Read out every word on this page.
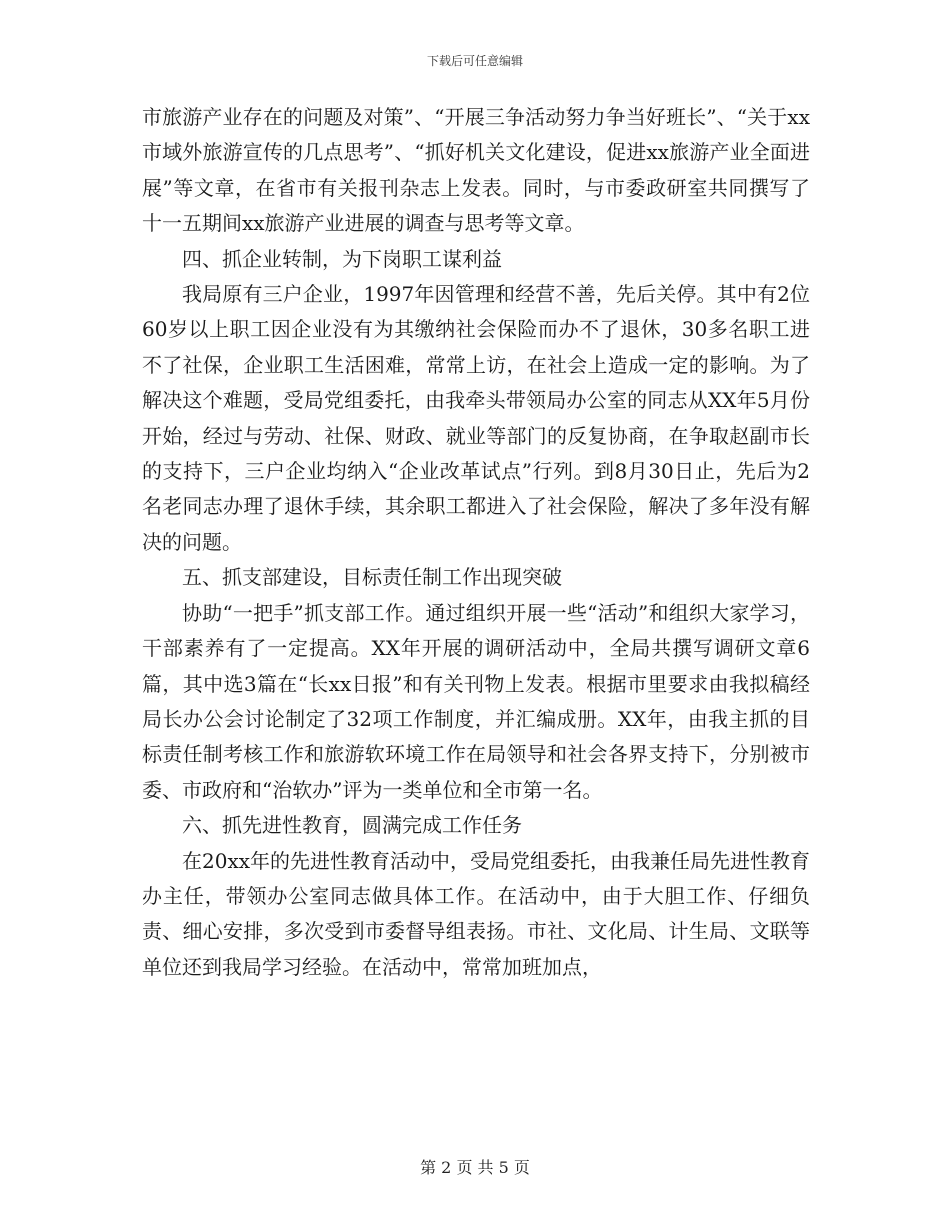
下载后可任意编辑

市旅游产业存在的问题及对策”、“开展三争活动努力争当好班长”、“关于xx市域外旅游宣传的几点思考”、“抓好机关文化建设，促进xx旅游产业全面进展”等文章，在省市有关报刊杂志上发表。同时，与市委政研室共同撰写了十一五期间xx旅游产业进展的调查与思考等文章。

四、抓企业转制，为下岗职工谋利益

我局原有三户企业，1997年因管理和经营不善，先后关停。其中有2位60岁以上职工因企业没有为其缴纳社会保险而办不了退休，30多名职工进不了社保，企业职工生活困难，常常上访，在社会上造成一定的影响。为了解决这个难题，受局党组委托，由我牵头带领局办公室的同志从XX年5月份开始，经过与劳动、社保、财政、就业等部门的反复协商，在争取赵副市长的支持下，三户企业均纳入“企业改革试点”行列。到8月30日止，先后为2名老同志办理了退休手续，其余职工都进入了社会保险，解决了多年没有解决的问题。

五、抓支部建设，目标责任制工作出现突破

协助“一把手”抓支部工作。通过组织开展一些“活动”和组织大家学习，干部素养有了一定提高。XX年开展的调研活动中，全局共撰写调研文章6篇，其中选3篇在“长xx日报”和有关刊物上发表。根据市里要求由我拟稿经局长办公会讨论制定了32项工作制度，并汇编成册。XX年，由我主抓的目标责任制考核工作和旅游软环境工作在局领导和社会各界支持下，分别被市委、市政府和“治软办”评为一类单位和全市第一名。

六、抓先进性教育，圆满完成工作任务

在20xx年的先进性教育活动中，受局党组委托，由我兼任局先进性教育办主任，带领办公室同志做具体工作。在活动中，由于大胆工作、仔细负责、细心安排，多次受到市委督导组表扬。市社、文化局、计生局、文联等单位还到我局学习经验。在活动中，常常加班加点，

第 2 页 共 5 页
